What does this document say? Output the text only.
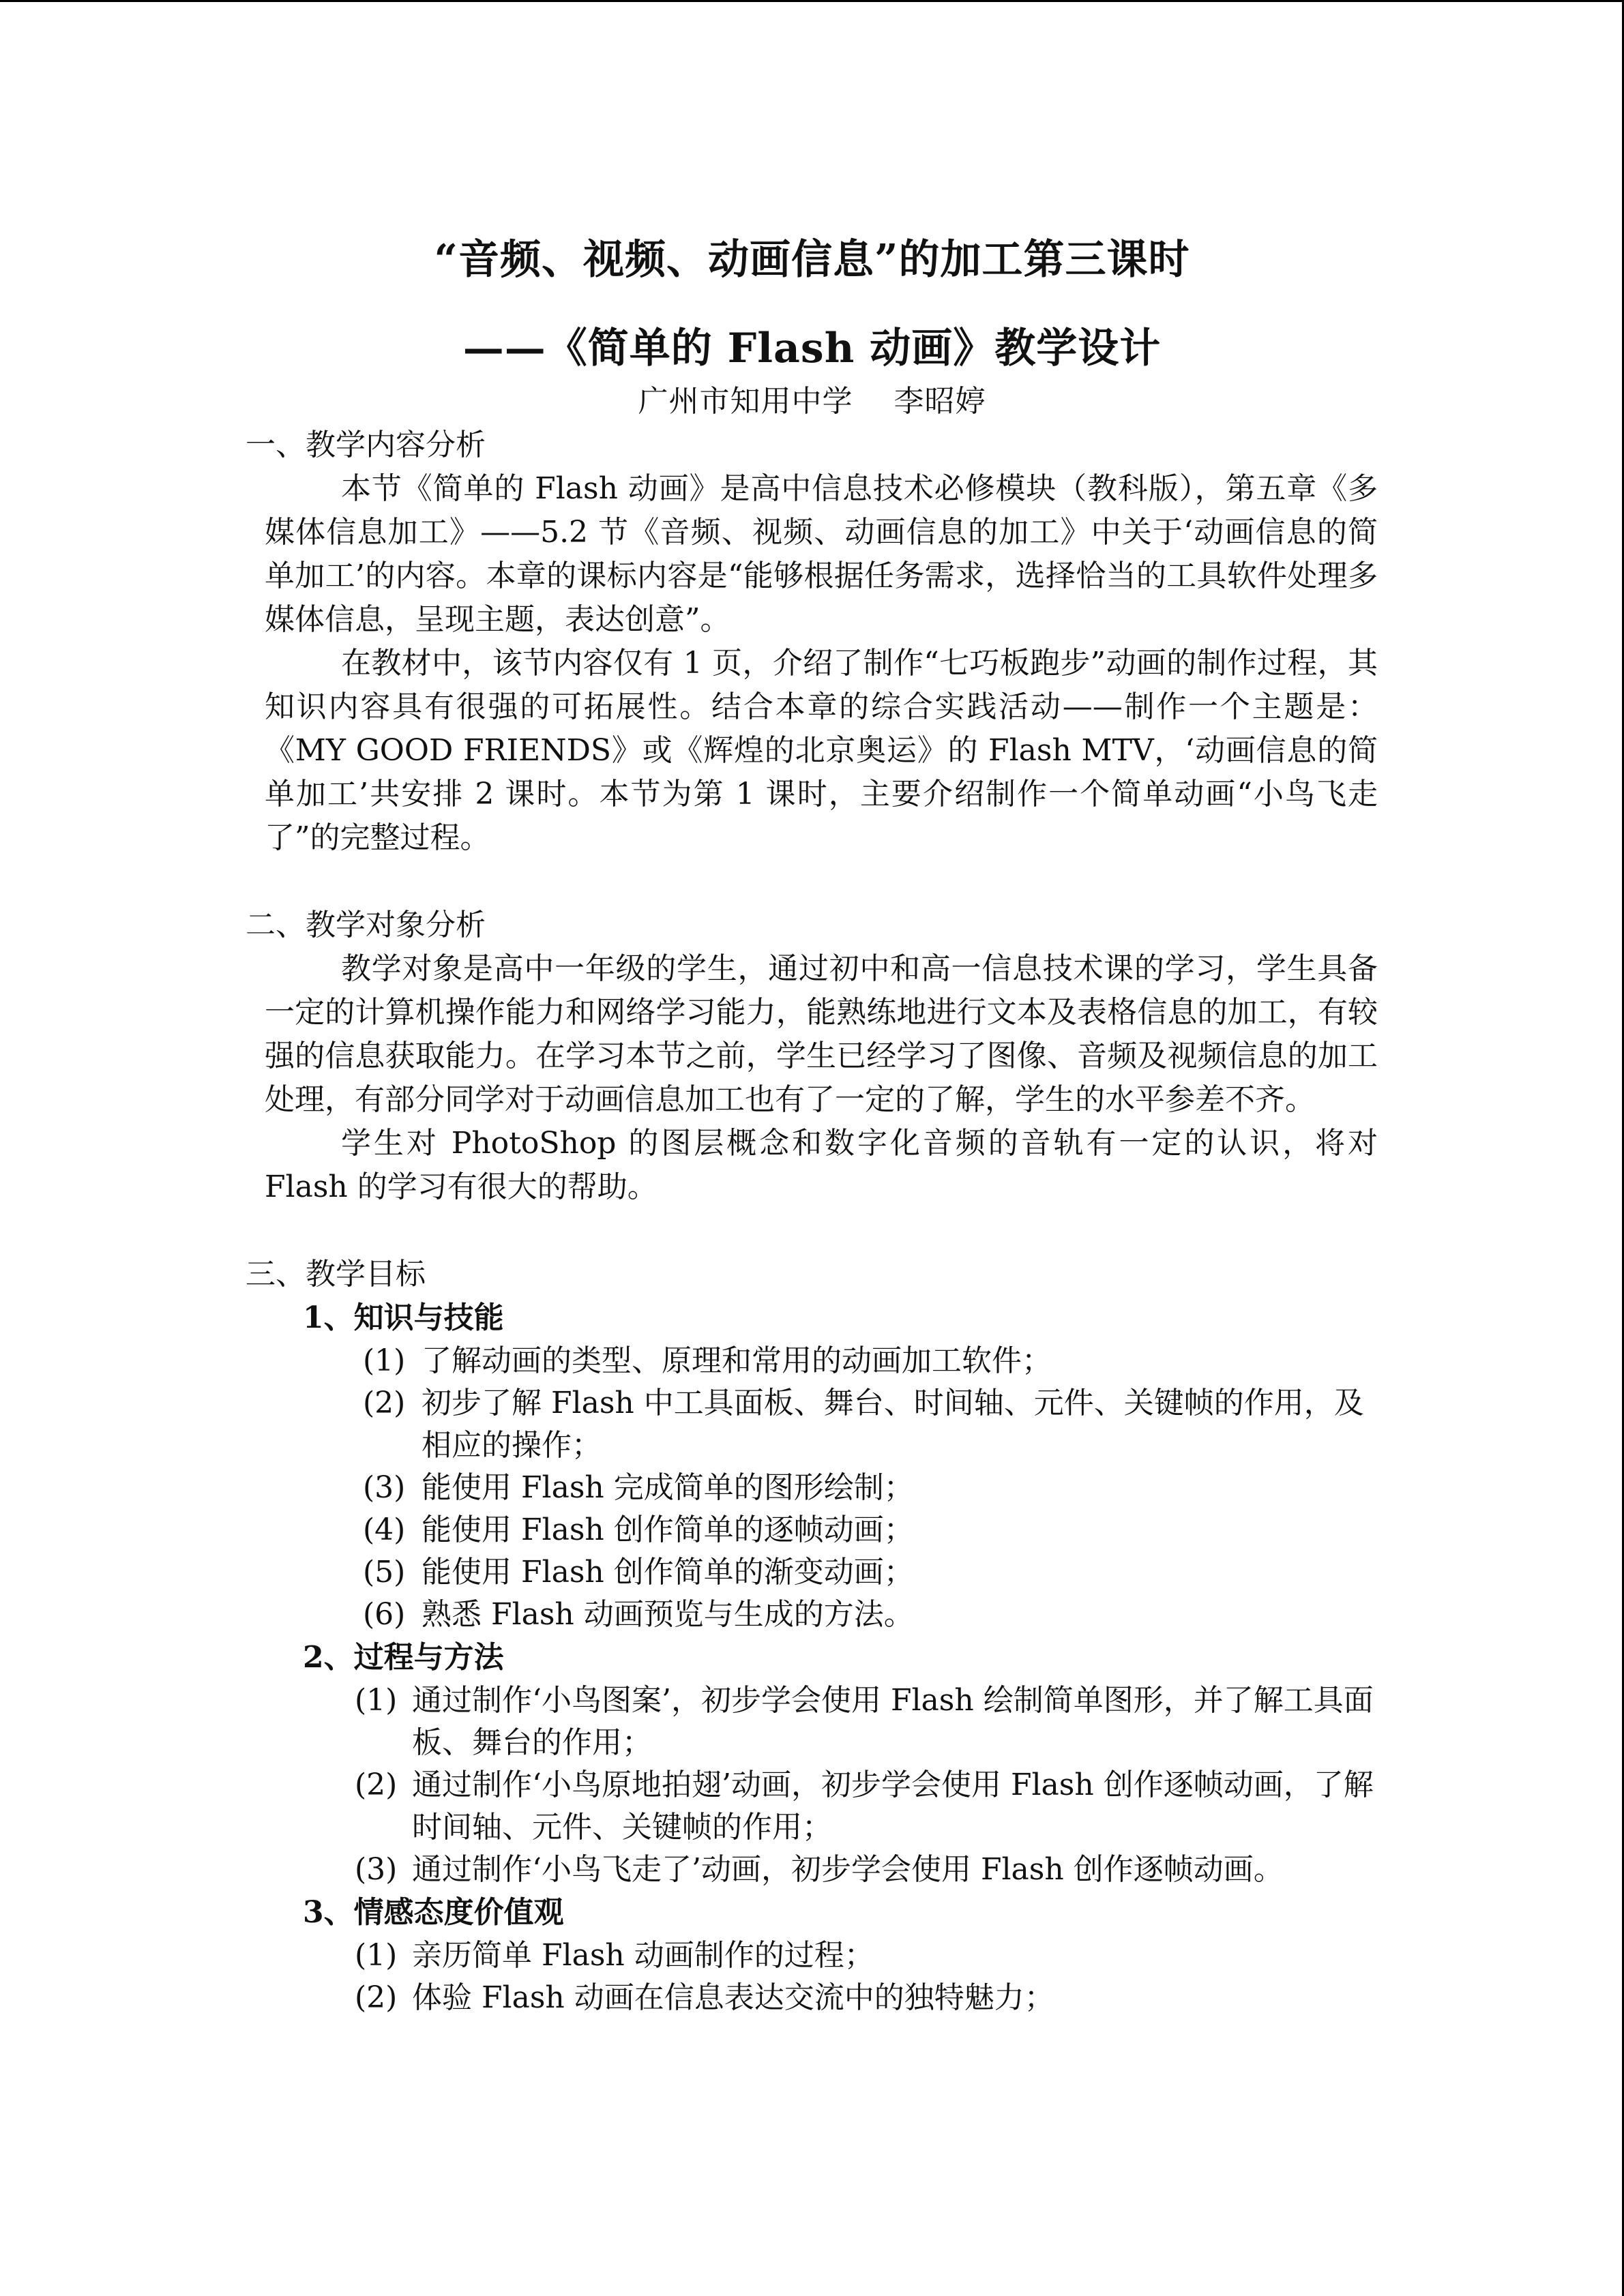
“音频、视频、动画信息”的加工第三课时
——《简单的 Flash 动画》教学设计
广州市知用中学 李昭婷

一、教学内容分析

本节《简单的 Flash 动画》是高中信息技术必修模块（教科版），第五章《多媒体信息加工》——5.2 节《音频、视频、动画信息的加工》中关于‘动画信息的简单加工’的内容。本章的课标内容是“能够根据任务需求，选择恰当的工具软件处理多媒体信息，呈现主题，表达创意”。

在教材中，该节内容仅有 1 页，介绍了制作“七巧板跑步”动画的制作过程，其知识内容具有很强的可拓展性。结合本章的综合实践活动——制作一个主题是：《MY GOOD FRIENDS》或《辉煌的北京奥运》的 Flash MTV，‘动画信息的简单加工’共安排 2 课时。本节为第 1 课时，主要介绍制作一个简单动画“小鸟飞走了”的完整过程。

二、教学对象分析

教学对象是高中一年级的学生，通过初中和高一信息技术课的学习，学生具备一定的计算机操作能力和网络学习能力，能熟练地进行文本及表格信息的加工，有较强的信息获取能力。在学习本节之前，学生已经学习了图像、音频及视频信息的加工处理，有部分同学对于动画信息加工也有了一定的了解，学生的水平参差不齐。

学生对 PhotoShop 的图层概念和数字化音频的音轨有一定的认识，将对 Flash 的学习有很大的帮助。

三、教学目标

1、知识与技能

(1) 了解动画的类型、原理和常用的动画加工软件；

(2) 初步了解 Flash 中工具面板、舞台、时间轴、元件、关键帧的作用，及相应的操作；

(3) 能使用 Flash 完成简单的图形绘制；

(4) 能使用 Flash 创作简单的逐帧动画；

(5) 能使用 Flash 创作简单的渐变动画；

(6) 熟悉 Flash 动画预览与生成的方法。

2、过程与方法

(1) 通过制作‘小鸟图案’，初步学会使用 Flash 绘制简单图形，并了解工具面板、舞台的作用；

(2) 通过制作‘小鸟原地拍翅’动画，初步学会使用 Flash 创作逐帧动画，了解时间轴、元件、关键帧的作用；

(3) 通过制作‘小鸟飞走了’动画，初步学会使用 Flash 创作逐帧动画。

3、情感态度价值观

(1) 亲历简单 Flash 动画制作的过程；

(2) 体验 Flash 动画在信息表达交流中的独特魅力；
